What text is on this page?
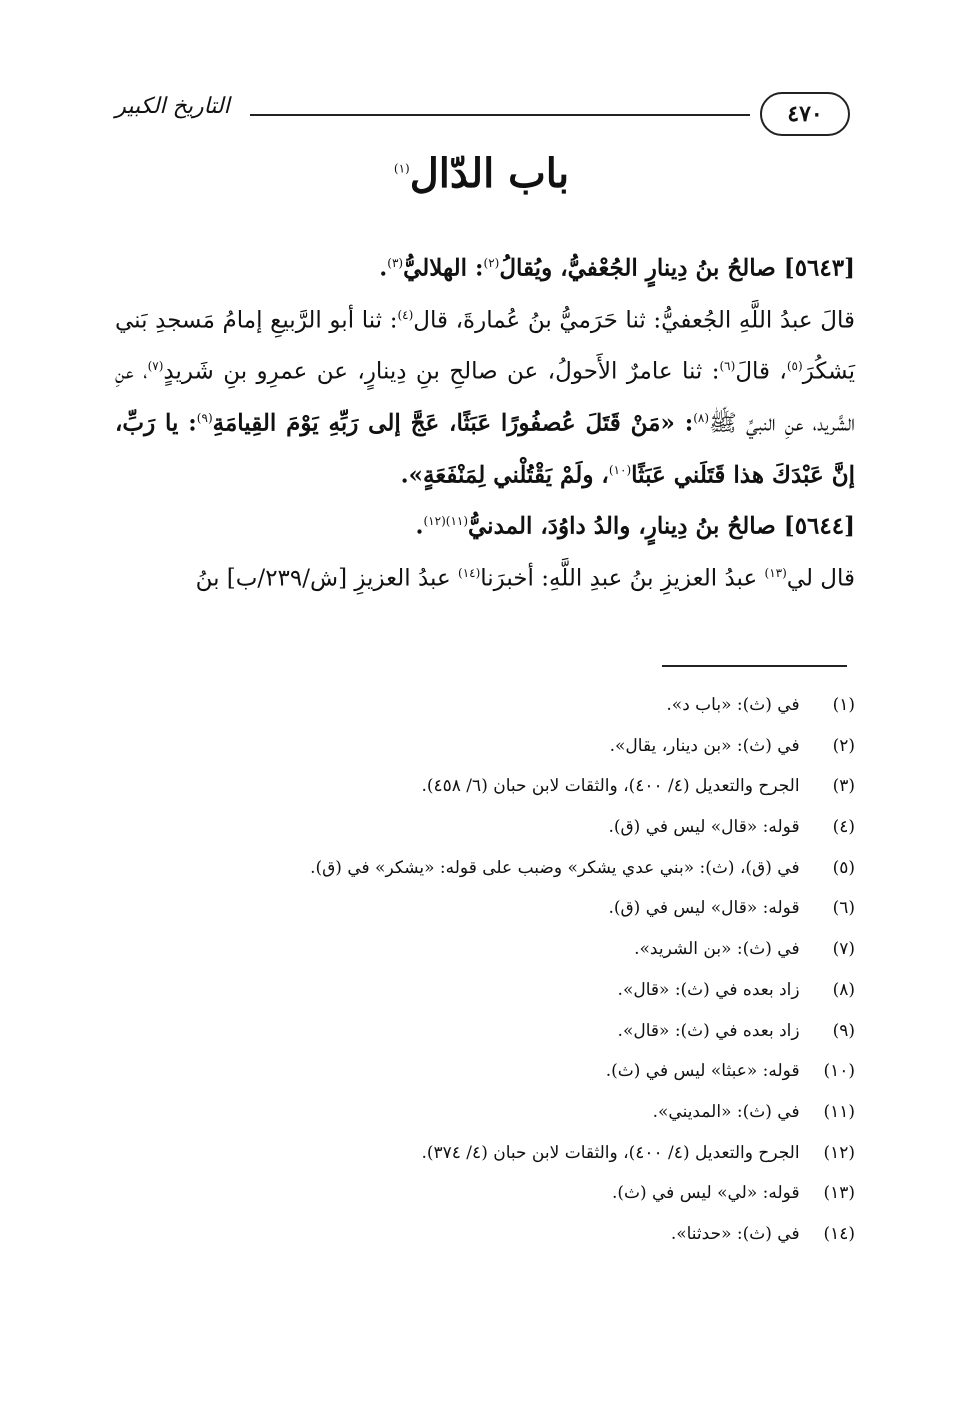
التاريخ الكبير	٤٧٠
باب الدّال$^{(١)}$

[٥٦٤٣] صالحُ بنُ دِينارٍ الجُعْفيُّ، ويُقالُ$^{(٢)}$: الهلاليُّ$^{(٣)}$.

قالَ عبدُ اللَّهِ الجُعفيُّ: ثنا حَرَميُّ بنُ عُمارةَ، قال$^{(٤)}$: ثنا أبو الرَّبيعِ إمامُ مَسجدِ بَني يَشكُرَ$^{(٥)}$، قالَ$^{(٦)}$: ثنا عامرٌ الأَحولُ، عن صالحِ بنِ دِينارٍ، عن عمرِو بنِ شَريدٍ$^{(٧)}$، عنِ الشَّريد، عنِ النبيِّ ﷺ$^{(٨)}$: «مَنْ قَتَلَ عُصفُورًا عَبَثًا، عَجَّ إلى رَبِّهِ يَوْمَ القِيامَةِ$^{(٩)}$: يا رَبِّ، إنَّ عَبْدَكَ هذا قَتَلَني عَبَثًا$^{(١٠)}$، ولَمْ يَقْتُلْني لِمَنْفَعَةٍ».

[٥٦٤٤] صالحُ بنُ دِينارٍ، والدُ داوُدَ، المدنيُّ$^{(١١)(١٢)}$.

قال لي$^{(١٣)}$ عبدُ العزيزِ بنُ عبدِ اللَّهِ: أخبرَنا$^{(١٤)}$ عبدُ العزيزِ [ش/٢٣٩/ب] بنُ

(١) في (ث): «باب د».
(٢) في (ث): «بن دينار، يقال».
(٣) الجرح والتعديل (٤/ ٤٠٠)، والثقات لابن حبان (٦/ ٤٥٨).
(٤) قوله: «قال» ليس في (ق).
(٥) في (ق)، (ث): «بني عدي يشكر» وضبب على قوله: «يشكر» في (ق).
(٦) قوله: «قال» ليس في (ق).
(٧) في (ث): «بن الشريد».
(٨) زاد بعده في (ث): «قال».
(٩) زاد بعده في (ث): «قال».
(١٠) قوله: «عبثا» ليس في (ث).
(١١) في (ث): «المديني».
(١٢) الجرح والتعديل (٤/ ٤٠٠)، والثقات لابن حبان (٤/ ٣٧٤).
(١٣) قوله: «لي» ليس في (ث).
(١٤) في (ث): «حدثنا».
